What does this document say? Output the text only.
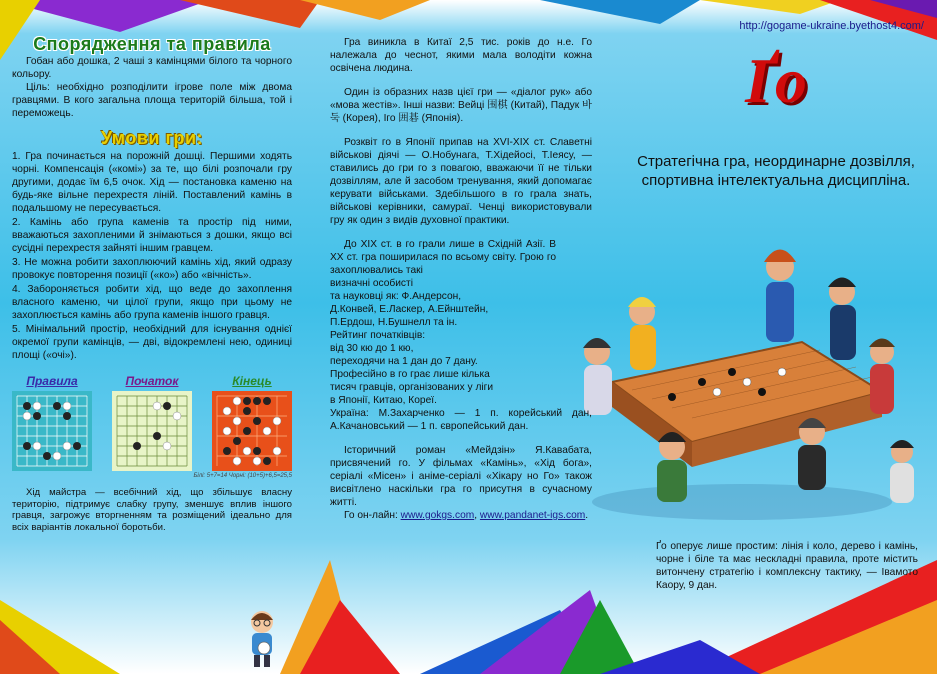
Спорядження та правила

Гобан або дошка, 2 чаші з камінцями білого та чорного кольору.

Ціль: необхідно розподілити ігрове поле між двома гравцями. В кого загальна площа територій більша, той і переможець.

Умови гри:

1. Гра починається на порожній дошці. Першими ходять чорні. Компенсація («комі») за те, що білі розпочали гру другими, додає їм 6,5 очок. Хід — постановка каменю на будь-яке вільне перехрестя ліній. Поставлений камінь в подальшому не пересувається.

2. Камінь або група каменів та простір під ними, вважаються захопленими й знімаються з дошки, якщо всі сусідні перехрестя зайняті іншим гравцем.

3. Не можна робити захоплюючий камінь хід, який одразу провокує повторення позиції («ко») або «вічність».

4. Забороняється робити хід, що веде до захоплення власного каменю, чи цілої групи, якщо при цьому не захоплюється камінь або група каменів іншого гравця.

5. Мінімальний простір, необхідний для існування однієї окремої групи камінців, — дві, відокремлені нею, одиниці площі («очі»).

Правила	Початок	Кінець
Білі: 5+7=14 Чорні: (10+5)+6,5=25,5

Хід майстра — всебічний хід, що збільшує власну територію, підтримує слабку групу, зменшує вплив іншого гравця, загрожує вторгненням та розміщений ідеально для всіх варіантів локальної боротьби.

Гра виникла в Китаї 2,5 тис. років до н.е. Го належала до чеснот, якими мала володіти кожна освічена людина.

Один із образних назв цієї гри — «діалог рук» або «мова жестів». Інші назви: Вейці 围棋 (Китай), Падук 바둑 (Корея), Іго 囲碁 (Японія).

Розквіт го в Японії припав на XVI-XIX ст. Славетні військові діячі — О.Нобунага, Т.Хідейосі, Т.Іеясу, — ставились до гри го з повагою, вважаючи її не тільки дозвіллям, але й засобом тренування, який допомагає керувати військами. Здебільшого в го грала знать, військові керівники, самураї. Ченці використовували гру як один з видів духовної практики.

До XIX ст. в го грали лише в Східній Азії. В XX ст. гра поширилася по всьому світу. Грою го захоплювались такі

визначні особисті

та науковці як: Ф.Андерсон,

Д.Конвей, Е.Ласкер, А.Ейнштейн,

П.Ердош, Н.Бушнелл та ін.

Рейтинг початківців:

від 30 кю до 1 кю,

переходячи на 1 дан до 7 дану.

Професійно в го грає лише кілька

тисяч гравців, організованих у ліги

в Японії, Китаю, Кореї.

Україна: М.Захарченко — 1 п. корейський дан, А.Качановський — 1 п. європейський дан.

Історичний роман «Мейдзін» Я.Кавабата, присвячений го. У фільмах «Камінь», «Хід бога», серіалі «Місен» і аніме-серіалі «Хікару но Го» також висвітлено наскільки гра го присутня в сучасному житті.

Го он-лайн: www.gokgs.com, www.pandanet-igs.com.

http://gogame-ukraine.byethost4.com/
Ґо
Стратегічна гра, неординарне дозвілля, спортивна інтелектуальна дисципліна.
Ґо оперує лише простим: лінія і коло, дерево і камінь, чорне і біле та має нескладні правила, проте містить витончену стратегію і комплексну тактику, — Івамото Каору, 9 дан.
